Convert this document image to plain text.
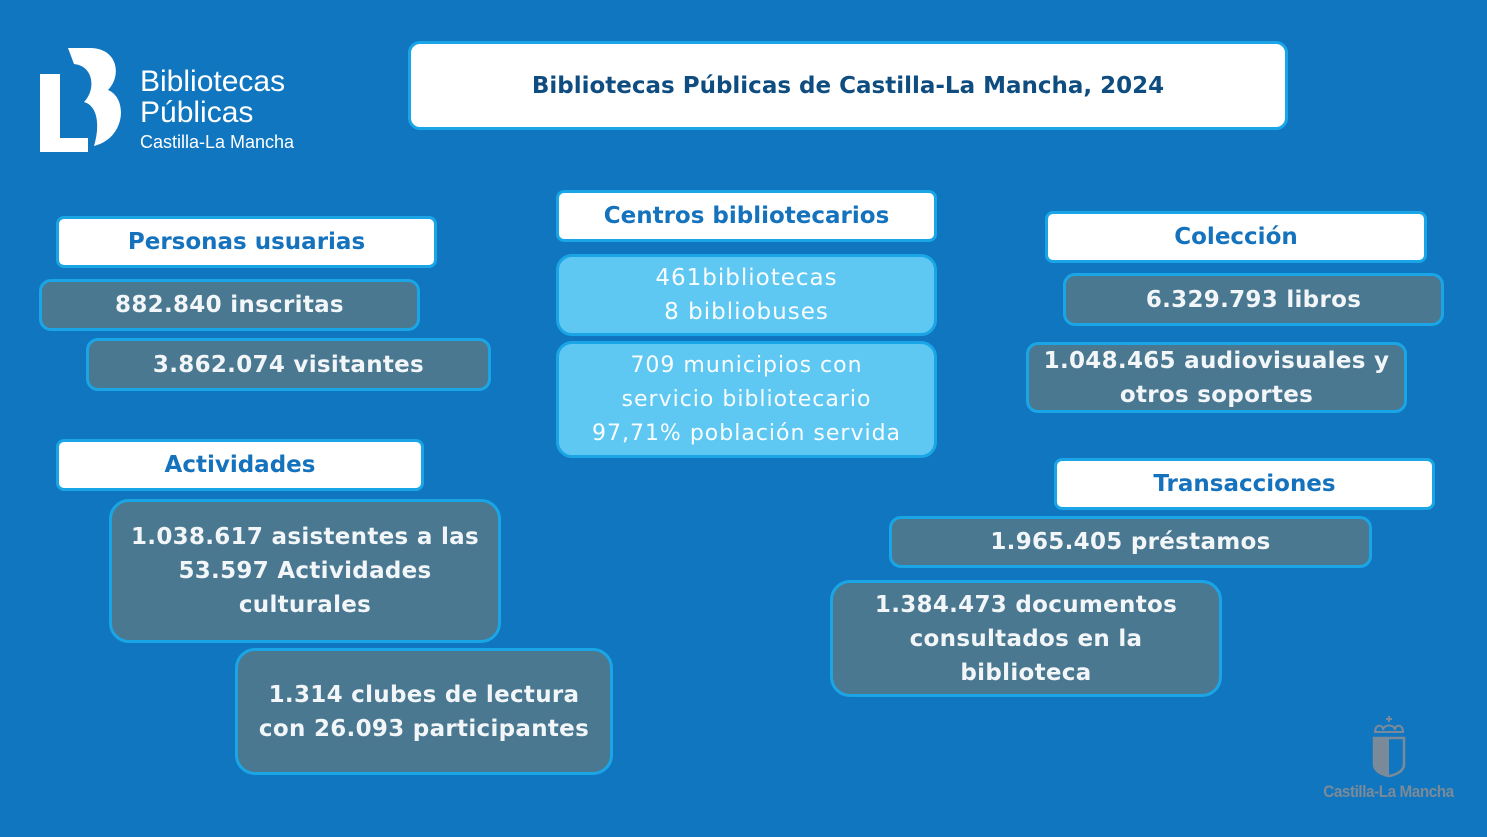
Bibliotecas
Públicas
Castilla-La Mancha
Bibliotecas Públicas de Castilla-La Mancha, 2024
Personas usuarias
882.840 inscritas
3.862.074 visitantes
Actividades
1.038.617 asistentes a las
53.597 Actividades
culturales
1.314 clubes de lectura
con 26.093 participantes
Centros bibliotecarios
461bibliotecas
8 bibliobuses
709 municipios con
servicio bibliotecario
97,71% población servida
Colección
6.329.793 libros
1.048.465 audiovisuales y
otros soportes
Transacciones
1.965.405 préstamos
1.384.473 documentos
consultados en la
biblioteca
Castilla-La Mancha
